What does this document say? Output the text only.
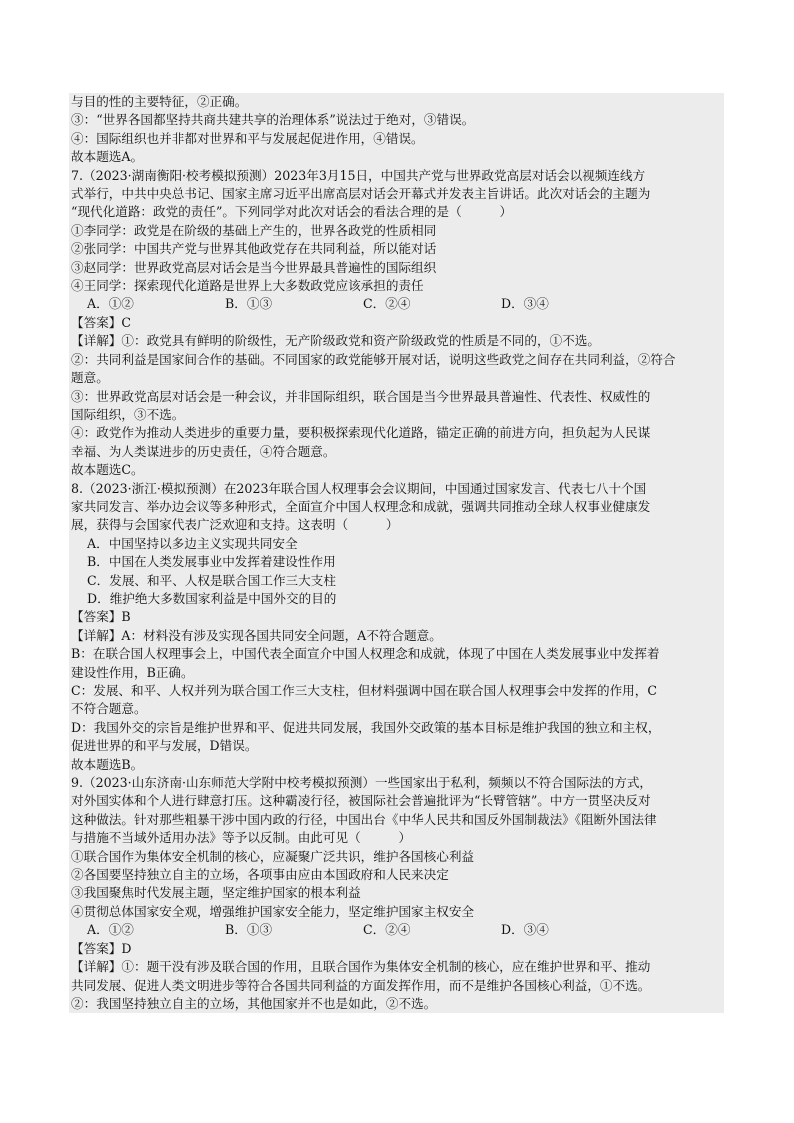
与目的性的主要特征，②正确。
③：“世界各国都坚持共商共建共享的治理体系”说法过于绝对，③错误。
④：国际组织也并非都对世界和平与发展起促进作用，④错误。
故本题选A。
7.（2023·湖南衡阳·校考模拟预测）2023年3月15日，中国共产党与世界政党高层对话会以视频连线方
式举行，中共中央总书记、国家主席习近平出席高层对话会开幕式并发表主旨讲话。此次对话会的主题为
“现代化道路：政党的责任”。下列同学对此次对话会的看法合理的是（　　　）
①李同学：政党是在阶级的基础上产生的，世界各政党的性质相同
②张同学：中国共产党与世界其他政党存在共同利益，所以能对话
③赵同学：世界政党高层对话会是当今世界最具普遍性的国际组织
④王同学：探索现代化道路是世界上大多数政党应该承担的责任
A．①②	B．①③	C．②④	D．③④
【答案】C
【详解】①：政党具有鲜明的阶级性，无产阶级政党和资产阶级政党的性质是不同的，①不选。
②：共同利益是国家间合作的基础。不同国家的政党能够开展对话，说明这些政党之间存在共同利益，②符合
题意。
③：世界政党高层对话会是一种会议，并非国际组织，联合国是当今世界最具普遍性、代表性、权威性的
国际组织，③不选。
④：政党作为推动人类进步的重要力量，要积极探索现代化道路，锚定正确的前进方向，担负起为人民谋
幸福、为人类谋进步的历史责任，④符合题意。
故本题选C。
8.（2023·浙江·模拟预测）在2023年联合国人权理事会会议期间，中国通过国家发言、代表七八十个国
家共同发言、举办边会议等多种形式，全面宣介中国人权理念和成就，强调共同推动全球人权事业健康发
展，获得与会国家代表广泛欢迎和支持。这表明（　　　）
A．中国坚持以多边主义实现共同安全
B．中国在人类发展事业中发挥着建设性作用
C．发展、和平、人权是联合国工作三大支柱
D．维护绝大多数国家利益是中国外交的目的
【答案】B
【详解】A：材料没有涉及实现各国共同安全问题，A不符合题意。
B：在联合国人权理事会上，中国代表全面宣介中国人权理念和成就，体现了中国在人类发展事业中发挥着
建设性作用，B正确。
C：发展、和平、人权并列为联合国工作三大支柱，但材料强调中国在联合国人权理事会中发挥的作用，C
不符合题意。
D：我国外交的宗旨是维护世界和平、促进共同发展，我国外交政策的基本目标是维护我国的独立和主权，
促进世界的和平与发展，D错误。
故本题选B。
9.（2023·山东济南·山东师范大学附中校考模拟预测）一些国家出于私利，频频以不符合国际法的方式，
对外国实体和个人进行肆意打压。这种霸凌行径，被国际社会普遍批评为“长臂管辖”。中方一贯坚决反对
这种做法。针对那些粗暴干涉中国内政的行径，中国出台《中华人民共和国反外国制裁法》《阻断外国法律
与措施不当域外适用办法》等予以反制。由此可见（　　　）
①联合国作为集体安全机制的核心，应凝聚广泛共识，维护各国核心利益
②各国要坚持独立自主的立场，各项事由应由本国政府和人民来决定
③我国聚焦时代发展主题，坚定维护国家的根本利益
④贯彻总体国家安全观，增强维护国家安全能力，坚定维护国家主权安全
A．①②	B．①③	C．②④	D．③④
【答案】D
【详解】①：题干没有涉及联合国的作用，且联合国作为集体安全机制的核心，应在维护世界和平、推动
共同发展、促进人类文明进步等符合各国共同利益的方面发挥作用，而不是维护各国核心利益，①不选。
②：我国坚持独立自主的立场，其他国家并不也是如此，②不选。
